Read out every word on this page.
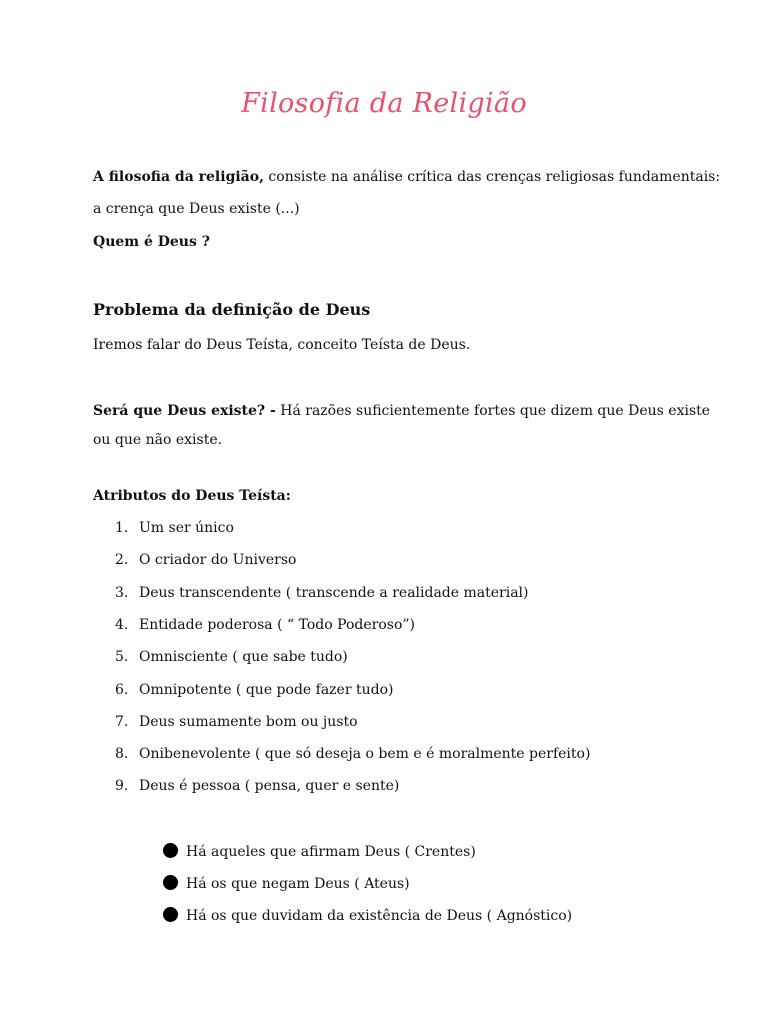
Filosofia da Religião
A filosofia da religião, consiste na análise crítica das crenças religiosas fundamentais:
a crença que Deus existe (...)
Quem é Deus ?
Problema da definição de Deus
Iremos falar do Deus Teísta, conceito Teísta de Deus.
Será que Deus existe? - Há razões suficientemente fortes que dizem que Deus existe
ou que não existe.
Atributos do Deus Teísta:
1. Um ser único
2. O criador do Universo
3. Deus transcendente ( transcende a realidade material)
4. Entidade poderosa ( “ Todo Poderoso”)
5. Omnisciente ( que sabe tudo)
6. Omnipotente ( que pode fazer tudo)
7. Deus sumamente bom ou justo
8. Onibenevolente ( que só deseja o bem e é moralmente perfeito)
9. Deus é pessoa ( pensa, quer e sente)
Há aqueles que afirmam Deus ( Crentes)
Há os que negam Deus ( Ateus)
Há os que duvidam da existência de Deus ( Agnóstico)
